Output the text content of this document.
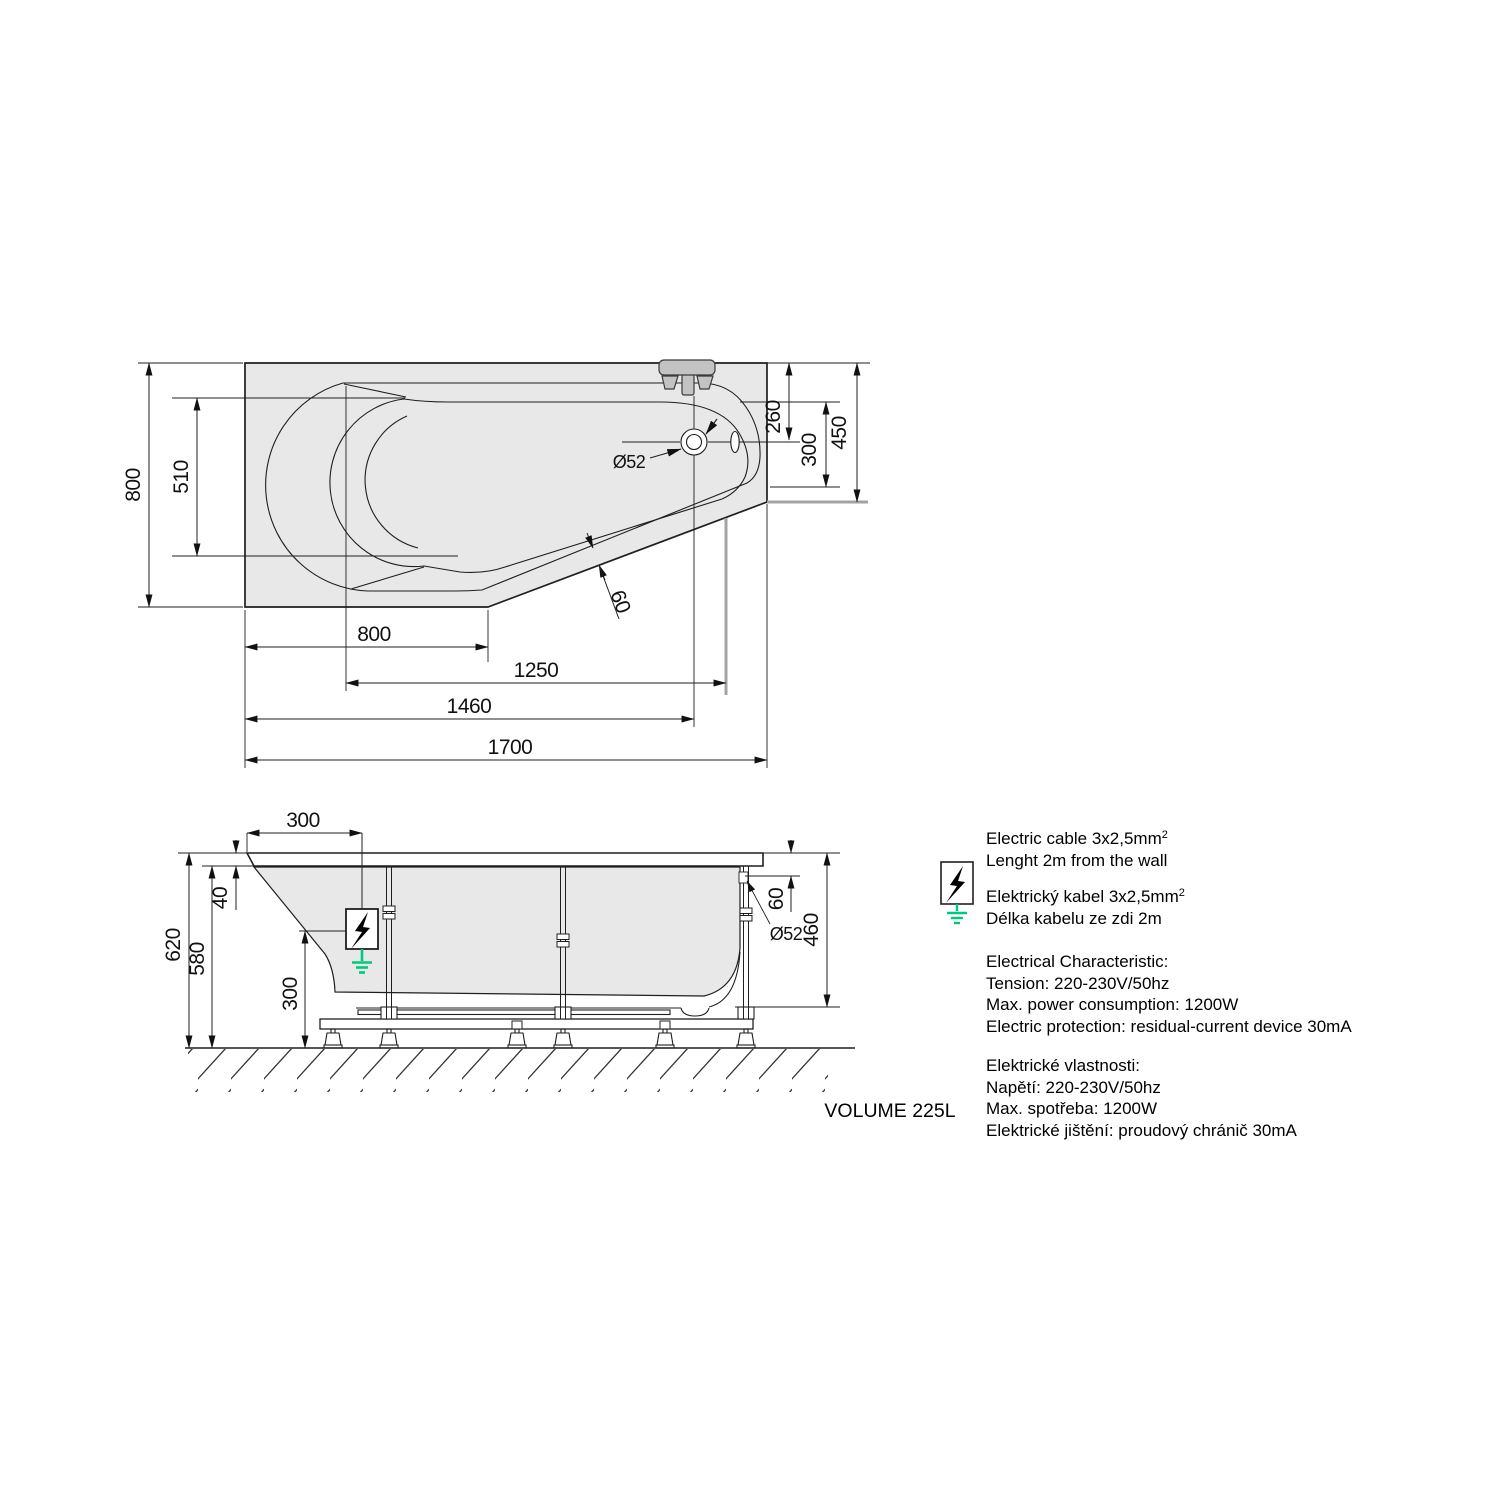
800 510
260
300
450
60
Ø52
800
1250
1460
1700
300
40
620 580
300
60
460
Ø52
Electric cable $3x2,5mm^2$
Lenght 2m from the wall
Elektrický kabel $3x2,5mm^2$
Délka kabelu ze zdi 2m
Electrical Characteristic:
Tension: 220-230V/50hz
Max. power consumption: 1200W
Electric protection: residual-current device 30mA
Elektrické vlastnosti:
Napětí: 220-230V/50hz
Max. spotřeba: 1200W
Elektrické jištění: proudový chránič 30mA
VOLUME 225L
